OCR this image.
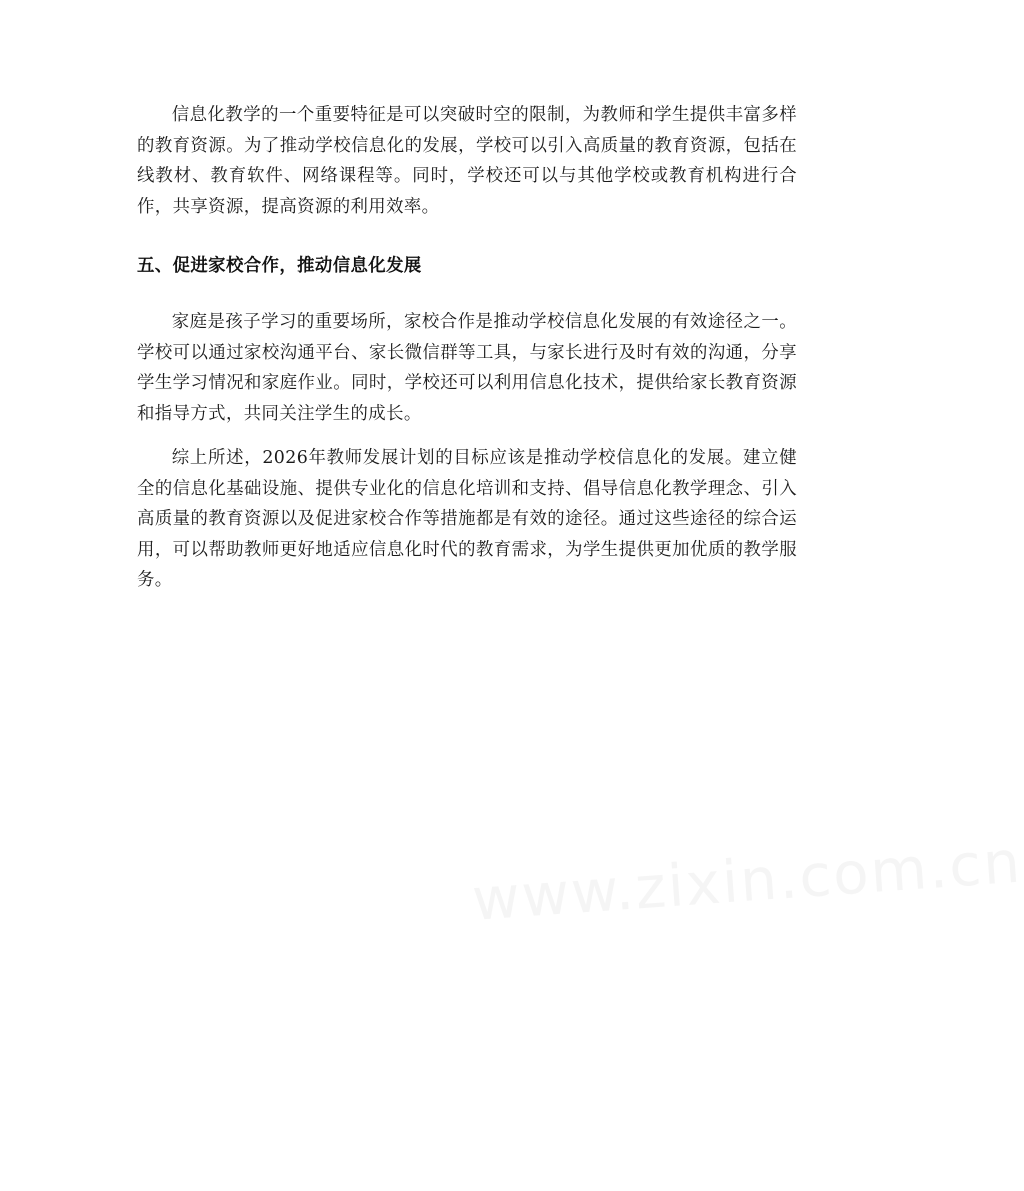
信息化教学的一个重要特征是可以突破时空的限制，为教师和学生提供丰富多样的教育资源。为了推动学校信息化的发展，学校可以引入高质量的教育资源，包括在线教材、教育软件、网络课程等。同时，学校还可以与其他学校或教育机构进行合作，共享资源，提高资源的利用效率。

五、促进家校合作，推动信息化发展

家庭是孩子学习的重要场所，家校合作是推动学校信息化发展的有效途径之一。学校可以通过家校沟通平台、家长微信群等工具，与家长进行及时有效的沟通，分享学生学习情况和家庭作业。同时，学校还可以利用信息化技术，提供给家长教育资源和指导方式，共同关注学生的成长。

综上所述，2026年教师发展计划的目标应该是推动学校信息化的发展。建立健全的信息化基础设施、提供专业化的信息化培训和支持、倡导信息化教学理念、引入高质量的教育资源以及促进家校合作等措施都是有效的途径。通过这些途径的综合运用，可以帮助教师更好地适应信息化时代的教育需求，为学生提供更加优质的教学服务。

www.zixin.com.cn
